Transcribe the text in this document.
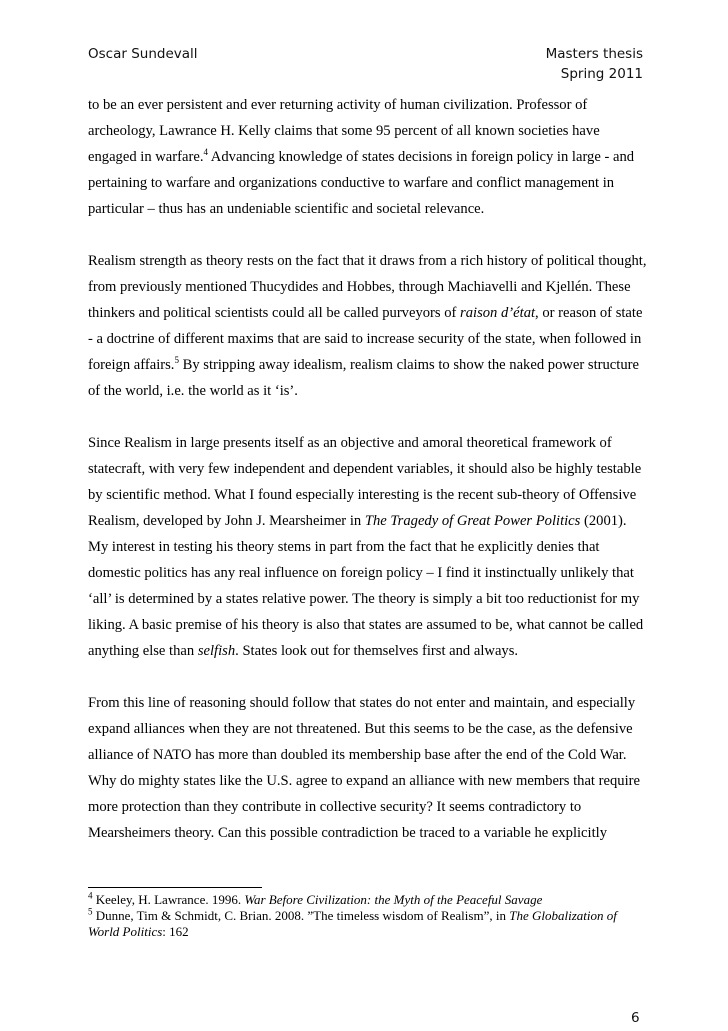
Oscar Sundevall	Masters thesis
Spring 2011

to be an ever persistent and ever returning activity of human civilization. Professor of archeology, Lawrance H. Kelly claims that some 95 percent of all known societies have engaged in warfare.$^4$ Advancing knowledge of states decisions in foreign policy in large - and pertaining to warfare and organizations conductive to warfare and conflict management in particular – thus has an undeniable scientific and societal relevance.

Realism strength as theory rests on the fact that it draws from a rich history of political thought, from previously mentioned Thucydides and Hobbes, through Machiavelli and Kjellén. These thinkers and political scientists could all be called purveyors of raison d’état, or reason of state - a doctrine of different maxims that are said to increase security of the state, when followed in foreign affairs.$^5$ By stripping away idealism, realism claims to show the naked power structure of the world, i.e. the world as it ‘is’.

Since Realism in large presents itself as an objective and amoral theoretical framework of statecraft, with very few independent and dependent variables, it should also be highly testable by scientific method. What I found especially interesting is the recent sub-theory of Offensive Realism, developed by John J. Mearsheimer in The Tragedy of Great Power Politics (2001). My interest in testing his theory stems in part from the fact that he explicitly denies that domestic politics has any real influence on foreign policy – I find it instinctually unlikely that ‘all’ is determined by a states relative power. The theory is simply a bit too reductionist for my liking. A basic premise of his theory is also that states are assumed to be, what cannot be called anything else than selfish. States look out for themselves first and always.

From this line of reasoning should follow that states do not enter and maintain, and especially expand alliances when they are not threatened. But this seems to be the case, as the defensive alliance of NATO has more than doubled its membership base after the end of the Cold War. Why do mighty states like the U.S. agree to expand an alliance with new members that require more protection than they contribute in collective security? It seems contradictory to Mearsheimers theory. Can this possible contradiction be traced to a variable he explicitly

$^4$ Keeley, H. Lawrance. 1996. War Before Civilization: the Myth of the Peaceful Savage
$^5$ Dunne, Tim & Schmidt, C. Brian. 2008. ”The timeless wisdom of Realism”, in The Globalization of World Politics: 162
6
